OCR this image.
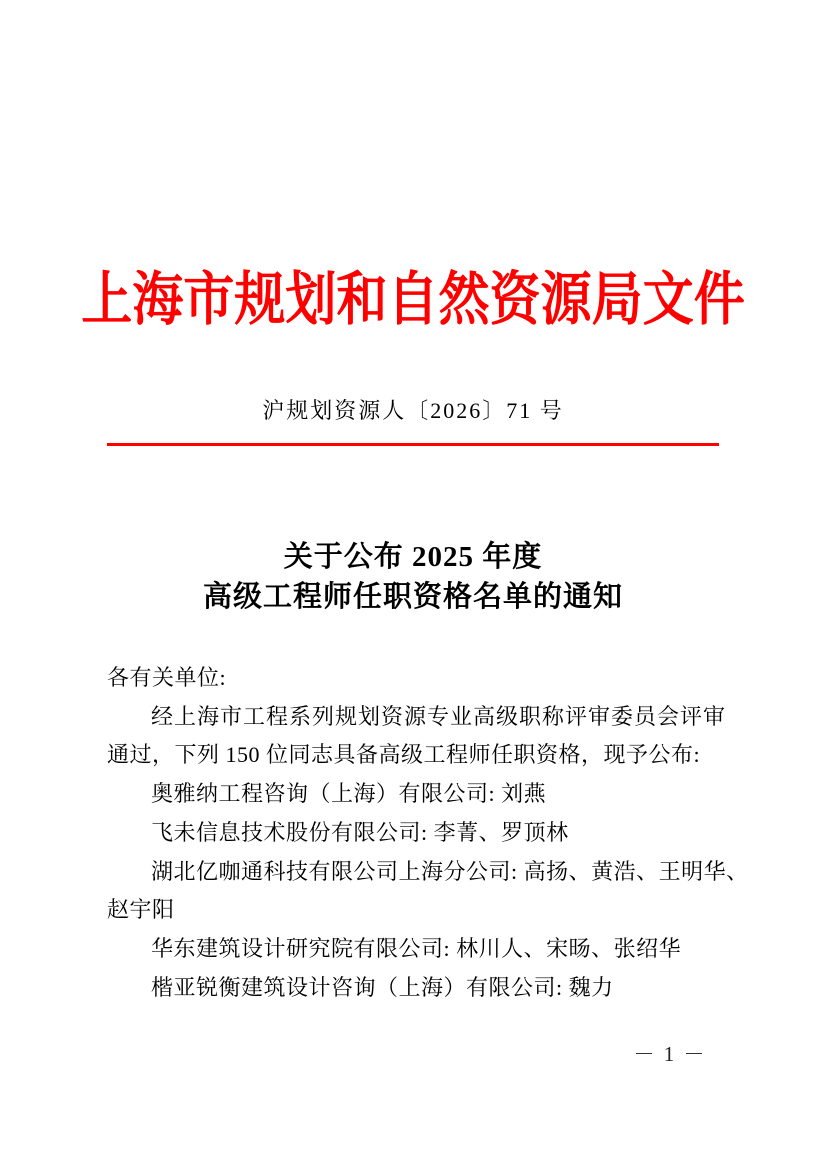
上海市规划和自然资源局文件
沪规划资源人〔2026〕71 号
关于公布 2025 年度
高级工程师任职资格名单的通知
各有关单位:
经上海市工程系列规划资源专业高级职称评审委员会评审
通过，下列 150 位同志具备高级工程师任职资格，现予公布:
奥雅纳工程咨询（上海）有限公司: 刘燕
飞未信息技术股份有限公司: 李菁、罗顶林
湖北亿咖通科技有限公司上海分公司: 高扬、黄浩、王明华、
赵宇阳
华东建筑设计研究院有限公司: 林川人、宋旸、张绍华
楷亚锐衡建筑设计咨询（上海）有限公司: 魏力
－ 1 －
